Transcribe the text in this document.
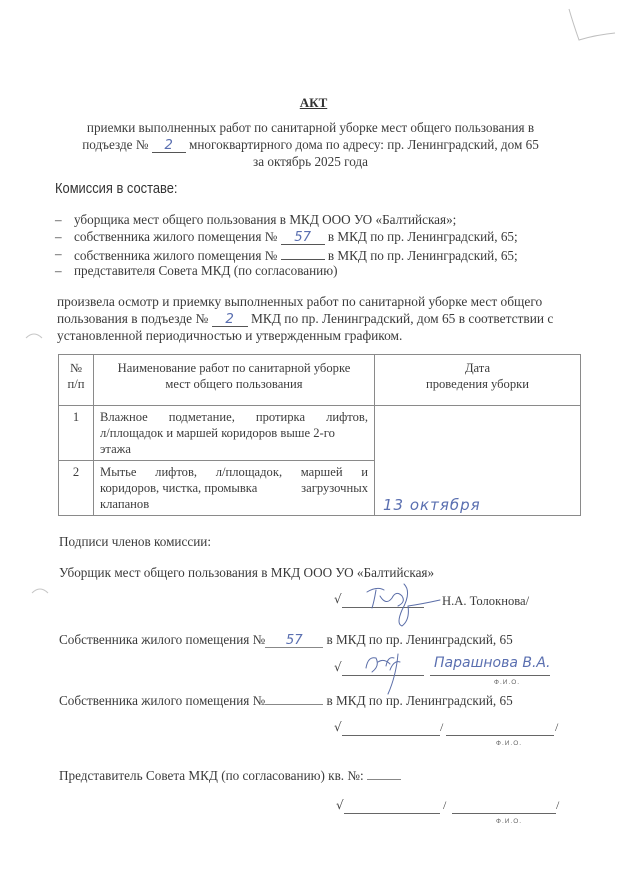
АКТ
приемки выполненных работ по санитарной уборке мест общего пользования в
подъезде № 2 многоквартирного дома по адресу: пр. Ленинградский, дом 65
за октябрь 2025 года
Комиссия в составе:
– уборщика мест общего пользования в МКД ООО УО «Балтийская»;
– собственника жилого помещения № 57 в МКД по пр. Ленинградский, 65;
– собственника жилого помещения №	в МКД по пр. Ленинградский, 65;
– представителя Совета МКД (по согласованию)
произвела осмотр и приемку выполненных работ по санитарной уборке мест общего
пользования в подъезде № 2 МКД по пр. Ленинградский, дом 65 в соответствии с
установленной периодичностью и утвержденным графиком.
№
п/п

Наименование работ по санитарной уборке
мест общего пользования

Дата
проведения уборки

1	Влажное подметание, протирка лифтов,
л/площадок и маршей коридоров выше 2-го
этажа

13 октября

2	Мытье лифтов, л/площадок, маршей и
коридоров, чистка, промывка	загрузочных
клапанов
Подписи членов комиссии:
Уборщик мест общего пользования в МКД ООО УО «Балтийская»
√	Н.А. Толокнова/
Собственника жилого помещения № 57 в МКД по пр. Ленинградский, 65
√	Парашнова В.А.
Ф.И.О.
Собственника жилого помещения №	в МКД по пр. Ленинградский, 65
√	/	/
Ф.И.О.
Представитель Совета МКД (по согласованию) кв. №:
√	/	/
Ф.И.О.
